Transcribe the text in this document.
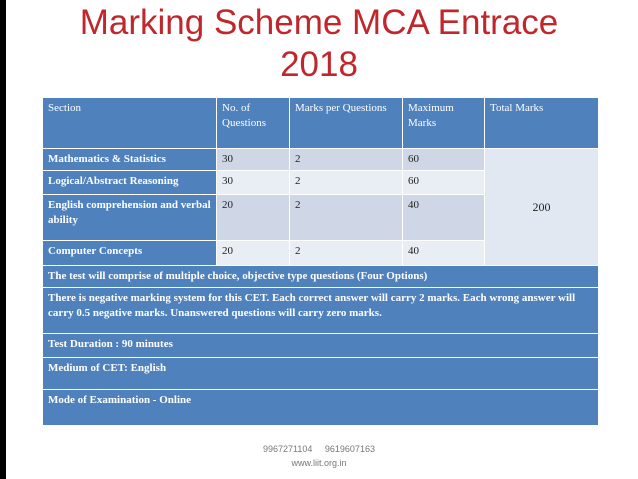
Marking Scheme MCA Entrace
2018
Section	No. of Questions	Marks per Questions	Maximum Marks	Total Marks
Mathematics & Statistics	30	2	60	200
Logical/Abstract Reasoning	30	2	60	
English comprehension and verbal ability	20	2	40	
Computer Concepts	20	2	40	
The test will comprise of multiple choice, objective type questions (Four Options)				
There is negative marking system for this CET. Each correct answer will carry 2 marks. Each wrong answer will carry 0.5 negative marks. Unanswered questions will carry zero marks.				
Test Duration : 90 minutes				
Medium of CET: English				
Mode of Examination - Online				
9967271104     9619607163
www.liit.org.in
